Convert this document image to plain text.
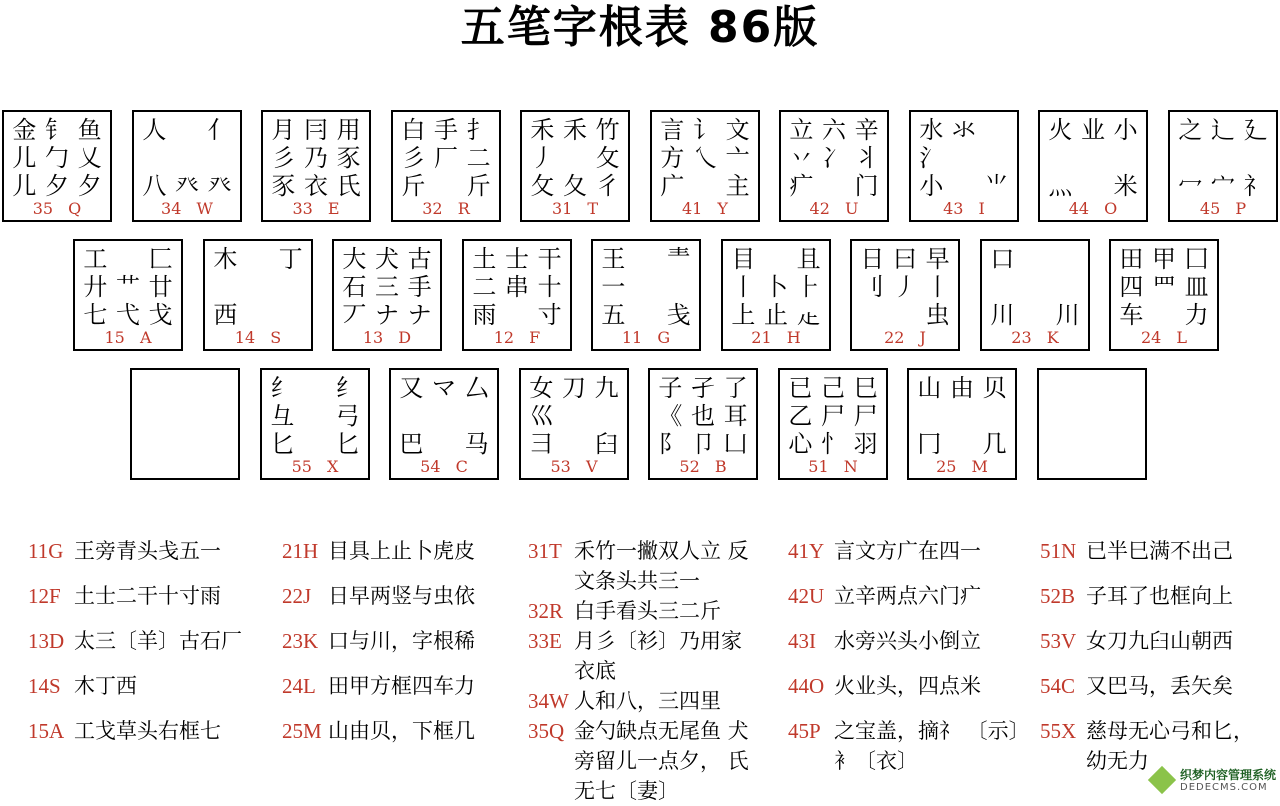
五笔字根表 86版
金 钅 鱼
儿 勹 乂
儿 夕 夕
35 Q
人 亻
八 癶 癶
34 W
月 冃 用
彡 乃 豕
豕 衣 氏
33 E
白 手 扌
彡 厂 二
斤 斤
32 R
禾 禾 竹
丿 攵
攵 夂 彳
31 T
言 讠 文
方 乀 亠
广 主
41 Y
立 六 辛
丷 冫 丬
疒 门
42 U
水 氺
氵
小 ⺌
43 I
火 业 小
灬 米
44 O
之 辶 廴
冖 宀 礻
45 P
工 匚
廾 艹 廿
七 弋 戈
15 A
木 丁
西
14 S
大 犬 古
石 三 手
丆 ナ ナ
13 D
土 士 干
二 串 十
雨 寸
12 F
王 龶
一
五 戋
11 G
目 且
丨 卜 ⺊
上 止 龰
21 H
日 曰 早
刂 丿 丨
虫
22 J
口
川 川
23 K
田 甲 囗
四 罒 皿
车 力
24 L
纟 纟
彑 弓
匕 匕
55 X
又 マ 厶
巴 马
54 C
女 刀 九
巛
彐 臼
53 V
子 孑 了
《 也 耳
阝 卩 凵
52 B
已 己 巳
乙 尸 尸
心 忄 羽
51 N
山 由 贝
冂 几
25 M
11G 王旁青头戋五一
12F 土士二干十寸雨
13D 太三〔羊〕古石厂
14S 木丁西
15A 工戈草头右框七
21H 目具上止卜虎皮
22J 日早两竖与虫依
23K 口与川，字根稀
24L 田甲方框四车力
25M 山由贝，下框几
31T 禾竹一撇双人立 反文条头共三一
32R 白手看头三二斤
33E 月彡〔衫〕乃用家 衣底
34W 人和八，三四里
35Q 金勺缺点无尾鱼 犬旁留儿一点夕， 氏无七〔妻〕
41Y 言文方广在四一
42U 立辛两点六门疒
43I 水旁兴头小倒立
44O 火业头，四点米
45P 之宝盖，摘礻 〔示〕衤〔衣〕
51N 已半巳满不出己
52B 子耳了也框向上
53V 女刀九臼山朝西
54C 又巴马，丢矢矣
55X 慈母无心弓和匕， 幼无力
织梦内容管理系统
DEDECMS.COM
